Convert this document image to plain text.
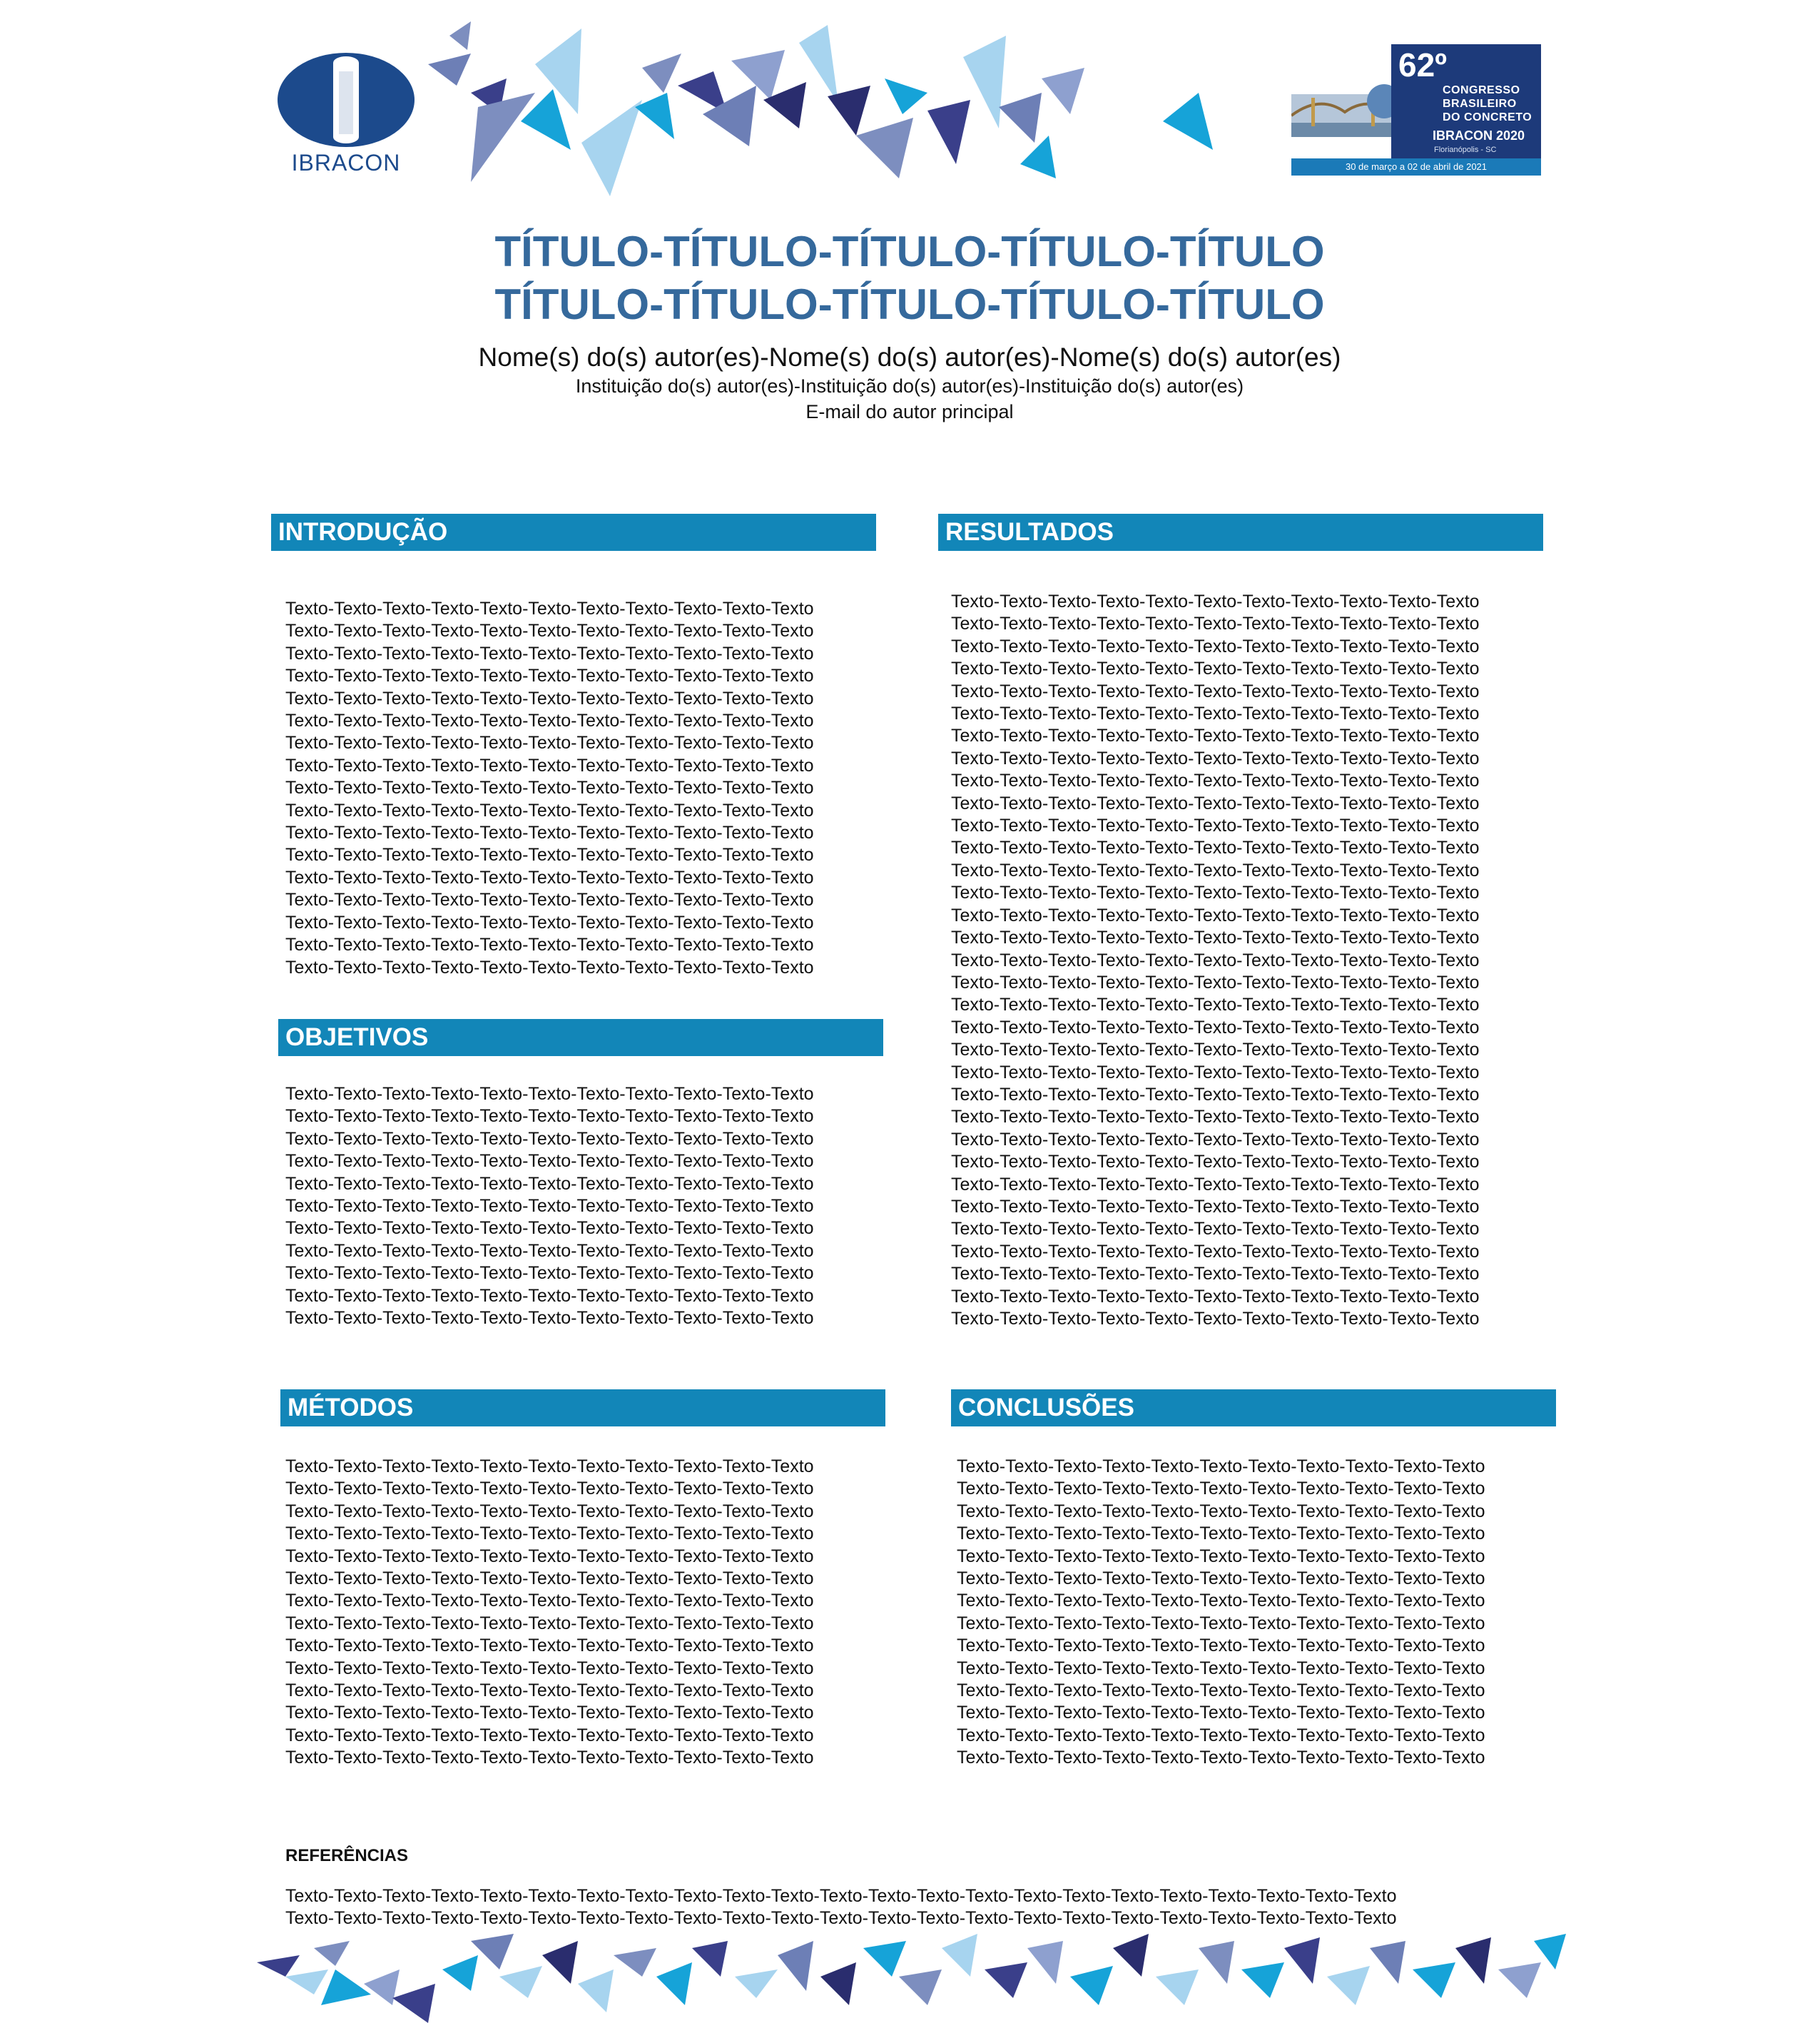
IBRACON
62º
CONGRESSO
BRASILEIRO
DO CONCRETO
IBRACON 2020
Florianópolis - SC
30 de março a 02 de abril de 2021
TÍTULO-TÍTULO-TÍTULO-TÍTULO-TÍTULO
TÍTULO-TÍTULO-TÍTULO-TÍTULO-TÍTULO
Nome(s) do(s) autor(es)-Nome(s) do(s) autor(es)-Nome(s) do(s) autor(es)
Instituição do(s) autor(es)-Instituição do(s) autor(es)-Instituição do(s) autor(es)
E-mail do autor principal
INTRODUÇÃO
Texto-Texto-Texto-Texto-Texto-Texto-Texto-Texto-Texto-Texto-Texto
Texto-Texto-Texto-Texto-Texto-Texto-Texto-Texto-Texto-Texto-Texto
Texto-Texto-Texto-Texto-Texto-Texto-Texto-Texto-Texto-Texto-Texto
Texto-Texto-Texto-Texto-Texto-Texto-Texto-Texto-Texto-Texto-Texto
Texto-Texto-Texto-Texto-Texto-Texto-Texto-Texto-Texto-Texto-Texto
Texto-Texto-Texto-Texto-Texto-Texto-Texto-Texto-Texto-Texto-Texto
Texto-Texto-Texto-Texto-Texto-Texto-Texto-Texto-Texto-Texto-Texto
Texto-Texto-Texto-Texto-Texto-Texto-Texto-Texto-Texto-Texto-Texto
Texto-Texto-Texto-Texto-Texto-Texto-Texto-Texto-Texto-Texto-Texto
Texto-Texto-Texto-Texto-Texto-Texto-Texto-Texto-Texto-Texto-Texto
Texto-Texto-Texto-Texto-Texto-Texto-Texto-Texto-Texto-Texto-Texto
Texto-Texto-Texto-Texto-Texto-Texto-Texto-Texto-Texto-Texto-Texto
Texto-Texto-Texto-Texto-Texto-Texto-Texto-Texto-Texto-Texto-Texto
Texto-Texto-Texto-Texto-Texto-Texto-Texto-Texto-Texto-Texto-Texto
Texto-Texto-Texto-Texto-Texto-Texto-Texto-Texto-Texto-Texto-Texto
Texto-Texto-Texto-Texto-Texto-Texto-Texto-Texto-Texto-Texto-Texto
Texto-Texto-Texto-Texto-Texto-Texto-Texto-Texto-Texto-Texto-Texto
OBJETIVOS
Texto-Texto-Texto-Texto-Texto-Texto-Texto-Texto-Texto-Texto-Texto
Texto-Texto-Texto-Texto-Texto-Texto-Texto-Texto-Texto-Texto-Texto
Texto-Texto-Texto-Texto-Texto-Texto-Texto-Texto-Texto-Texto-Texto
Texto-Texto-Texto-Texto-Texto-Texto-Texto-Texto-Texto-Texto-Texto
Texto-Texto-Texto-Texto-Texto-Texto-Texto-Texto-Texto-Texto-Texto
Texto-Texto-Texto-Texto-Texto-Texto-Texto-Texto-Texto-Texto-Texto
Texto-Texto-Texto-Texto-Texto-Texto-Texto-Texto-Texto-Texto-Texto
Texto-Texto-Texto-Texto-Texto-Texto-Texto-Texto-Texto-Texto-Texto
Texto-Texto-Texto-Texto-Texto-Texto-Texto-Texto-Texto-Texto-Texto
Texto-Texto-Texto-Texto-Texto-Texto-Texto-Texto-Texto-Texto-Texto
Texto-Texto-Texto-Texto-Texto-Texto-Texto-Texto-Texto-Texto-Texto
MÉTODOS
Texto-Texto-Texto-Texto-Texto-Texto-Texto-Texto-Texto-Texto-Texto
Texto-Texto-Texto-Texto-Texto-Texto-Texto-Texto-Texto-Texto-Texto
Texto-Texto-Texto-Texto-Texto-Texto-Texto-Texto-Texto-Texto-Texto
Texto-Texto-Texto-Texto-Texto-Texto-Texto-Texto-Texto-Texto-Texto
Texto-Texto-Texto-Texto-Texto-Texto-Texto-Texto-Texto-Texto-Texto
Texto-Texto-Texto-Texto-Texto-Texto-Texto-Texto-Texto-Texto-Texto
Texto-Texto-Texto-Texto-Texto-Texto-Texto-Texto-Texto-Texto-Texto
Texto-Texto-Texto-Texto-Texto-Texto-Texto-Texto-Texto-Texto-Texto
Texto-Texto-Texto-Texto-Texto-Texto-Texto-Texto-Texto-Texto-Texto
Texto-Texto-Texto-Texto-Texto-Texto-Texto-Texto-Texto-Texto-Texto
Texto-Texto-Texto-Texto-Texto-Texto-Texto-Texto-Texto-Texto-Texto
Texto-Texto-Texto-Texto-Texto-Texto-Texto-Texto-Texto-Texto-Texto
Texto-Texto-Texto-Texto-Texto-Texto-Texto-Texto-Texto-Texto-Texto
Texto-Texto-Texto-Texto-Texto-Texto-Texto-Texto-Texto-Texto-Texto
RESULTADOS
Texto-Texto-Texto-Texto-Texto-Texto-Texto-Texto-Texto-Texto-Texto
Texto-Texto-Texto-Texto-Texto-Texto-Texto-Texto-Texto-Texto-Texto
Texto-Texto-Texto-Texto-Texto-Texto-Texto-Texto-Texto-Texto-Texto
Texto-Texto-Texto-Texto-Texto-Texto-Texto-Texto-Texto-Texto-Texto
Texto-Texto-Texto-Texto-Texto-Texto-Texto-Texto-Texto-Texto-Texto
Texto-Texto-Texto-Texto-Texto-Texto-Texto-Texto-Texto-Texto-Texto
Texto-Texto-Texto-Texto-Texto-Texto-Texto-Texto-Texto-Texto-Texto
Texto-Texto-Texto-Texto-Texto-Texto-Texto-Texto-Texto-Texto-Texto
Texto-Texto-Texto-Texto-Texto-Texto-Texto-Texto-Texto-Texto-Texto
Texto-Texto-Texto-Texto-Texto-Texto-Texto-Texto-Texto-Texto-Texto
Texto-Texto-Texto-Texto-Texto-Texto-Texto-Texto-Texto-Texto-Texto
Texto-Texto-Texto-Texto-Texto-Texto-Texto-Texto-Texto-Texto-Texto
Texto-Texto-Texto-Texto-Texto-Texto-Texto-Texto-Texto-Texto-Texto
Texto-Texto-Texto-Texto-Texto-Texto-Texto-Texto-Texto-Texto-Texto
Texto-Texto-Texto-Texto-Texto-Texto-Texto-Texto-Texto-Texto-Texto
Texto-Texto-Texto-Texto-Texto-Texto-Texto-Texto-Texto-Texto-Texto
Texto-Texto-Texto-Texto-Texto-Texto-Texto-Texto-Texto-Texto-Texto
Texto-Texto-Texto-Texto-Texto-Texto-Texto-Texto-Texto-Texto-Texto
Texto-Texto-Texto-Texto-Texto-Texto-Texto-Texto-Texto-Texto-Texto
Texto-Texto-Texto-Texto-Texto-Texto-Texto-Texto-Texto-Texto-Texto
Texto-Texto-Texto-Texto-Texto-Texto-Texto-Texto-Texto-Texto-Texto
Texto-Texto-Texto-Texto-Texto-Texto-Texto-Texto-Texto-Texto-Texto
Texto-Texto-Texto-Texto-Texto-Texto-Texto-Texto-Texto-Texto-Texto
Texto-Texto-Texto-Texto-Texto-Texto-Texto-Texto-Texto-Texto-Texto
Texto-Texto-Texto-Texto-Texto-Texto-Texto-Texto-Texto-Texto-Texto
Texto-Texto-Texto-Texto-Texto-Texto-Texto-Texto-Texto-Texto-Texto
Texto-Texto-Texto-Texto-Texto-Texto-Texto-Texto-Texto-Texto-Texto
Texto-Texto-Texto-Texto-Texto-Texto-Texto-Texto-Texto-Texto-Texto
Texto-Texto-Texto-Texto-Texto-Texto-Texto-Texto-Texto-Texto-Texto
Texto-Texto-Texto-Texto-Texto-Texto-Texto-Texto-Texto-Texto-Texto
Texto-Texto-Texto-Texto-Texto-Texto-Texto-Texto-Texto-Texto-Texto
Texto-Texto-Texto-Texto-Texto-Texto-Texto-Texto-Texto-Texto-Texto
Texto-Texto-Texto-Texto-Texto-Texto-Texto-Texto-Texto-Texto-Texto
CONCLUSÕES
Texto-Texto-Texto-Texto-Texto-Texto-Texto-Texto-Texto-Texto-Texto
Texto-Texto-Texto-Texto-Texto-Texto-Texto-Texto-Texto-Texto-Texto
Texto-Texto-Texto-Texto-Texto-Texto-Texto-Texto-Texto-Texto-Texto
Texto-Texto-Texto-Texto-Texto-Texto-Texto-Texto-Texto-Texto-Texto
Texto-Texto-Texto-Texto-Texto-Texto-Texto-Texto-Texto-Texto-Texto
Texto-Texto-Texto-Texto-Texto-Texto-Texto-Texto-Texto-Texto-Texto
Texto-Texto-Texto-Texto-Texto-Texto-Texto-Texto-Texto-Texto-Texto
Texto-Texto-Texto-Texto-Texto-Texto-Texto-Texto-Texto-Texto-Texto
Texto-Texto-Texto-Texto-Texto-Texto-Texto-Texto-Texto-Texto-Texto
Texto-Texto-Texto-Texto-Texto-Texto-Texto-Texto-Texto-Texto-Texto
Texto-Texto-Texto-Texto-Texto-Texto-Texto-Texto-Texto-Texto-Texto
Texto-Texto-Texto-Texto-Texto-Texto-Texto-Texto-Texto-Texto-Texto
Texto-Texto-Texto-Texto-Texto-Texto-Texto-Texto-Texto-Texto-Texto
Texto-Texto-Texto-Texto-Texto-Texto-Texto-Texto-Texto-Texto-Texto
REFERÊNCIAS
Texto-Texto-Texto-Texto-Texto-Texto-Texto-Texto-Texto-Texto-Texto-Texto-Texto-Texto-Texto-Texto-Texto-Texto-Texto-Texto-Texto-Texto-Texto
Texto-Texto-Texto-Texto-Texto-Texto-Texto-Texto-Texto-Texto-Texto-Texto-Texto-Texto-Texto-Texto-Texto-Texto-Texto-Texto-Texto-Texto-Texto
